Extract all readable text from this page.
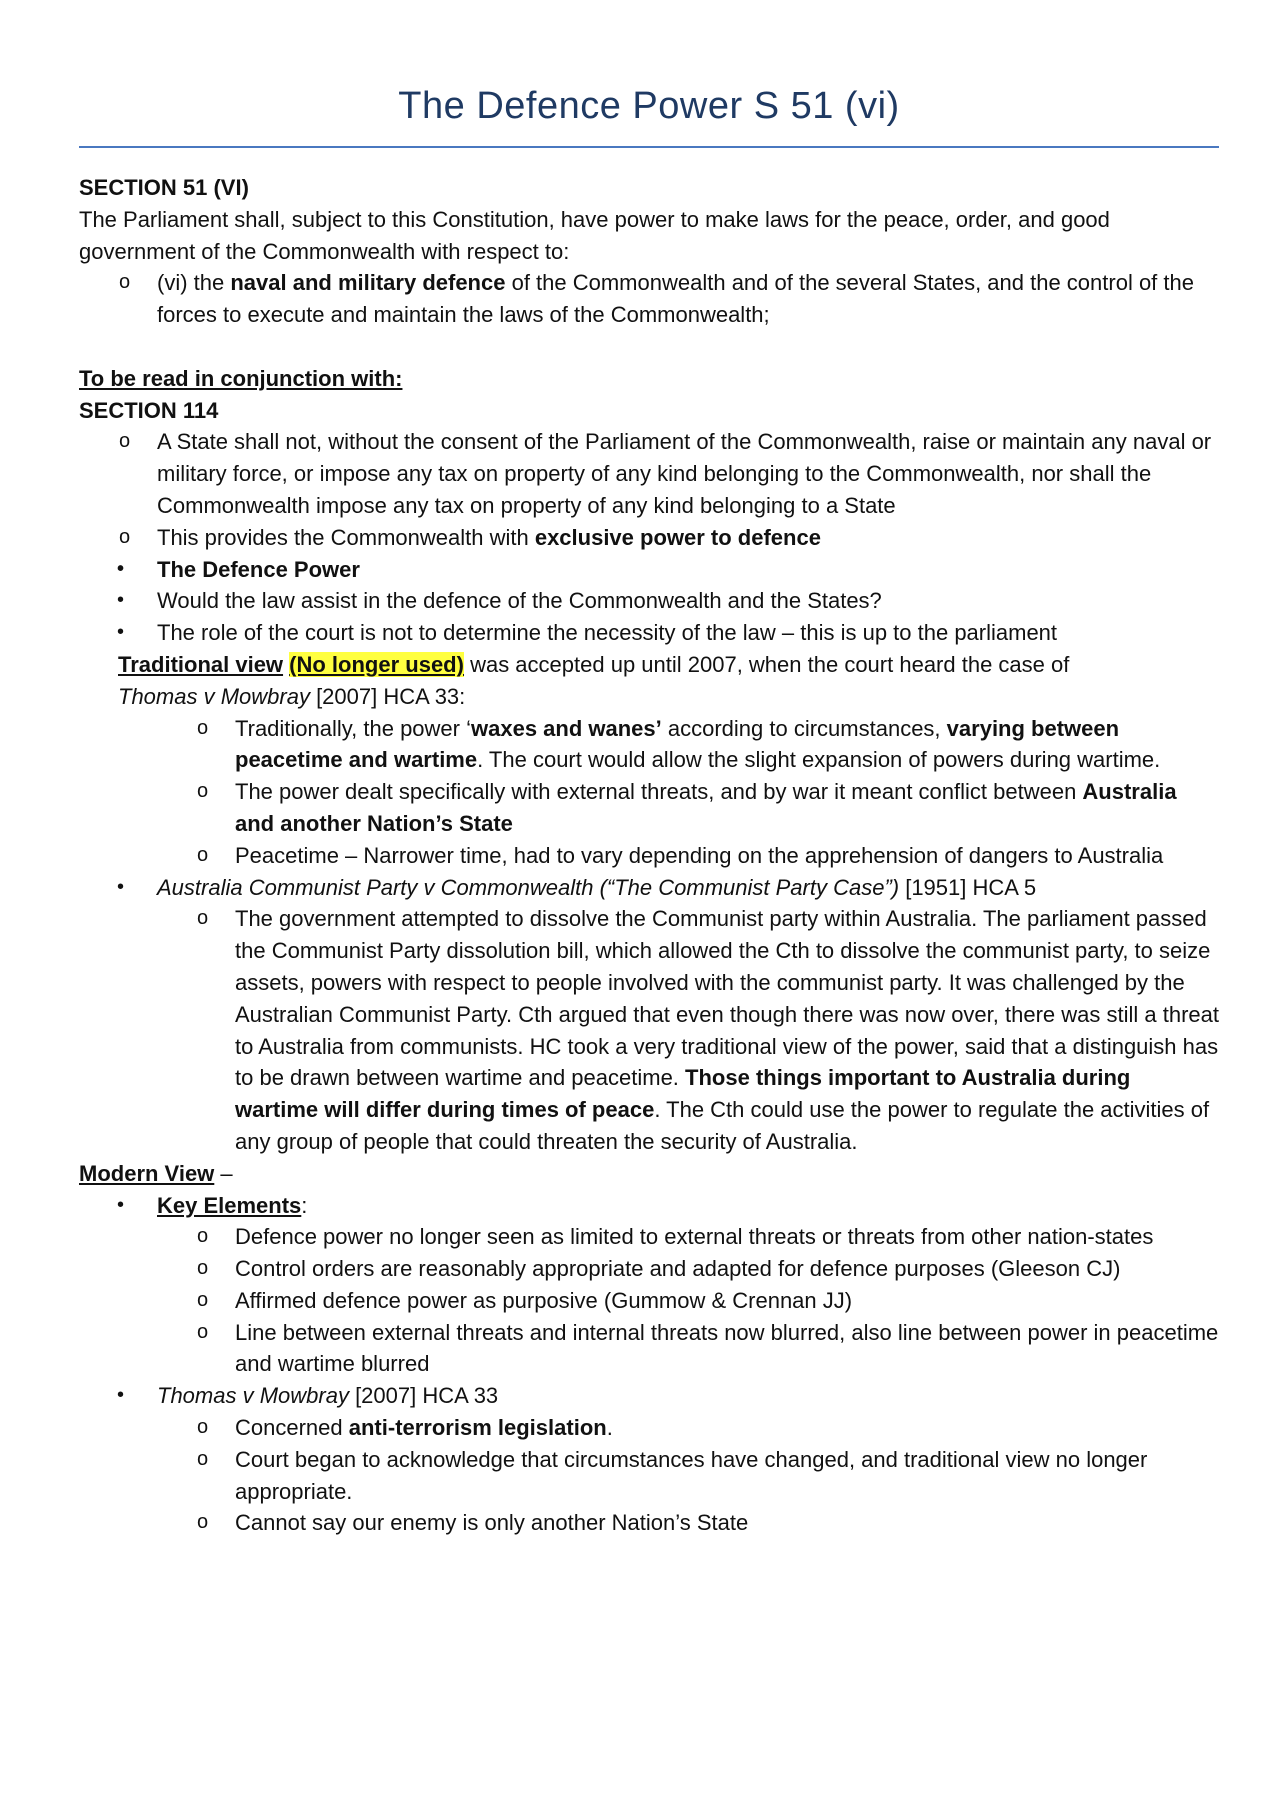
The Defence Power S 51 (vi)
SECTION 51 (VI)
The Parliament shall, subject to this Constitution, have power to make laws for the peace, order, and good government of the Commonwealth with respect to:
o (vi) the naval and military defence of the Commonwealth and of the several States, and the control of the forces to execute and maintain the laws of the Commonwealth;
To be read in conjunction with:
SECTION 114
o A State shall not, without the consent of the Parliament of the Commonwealth, raise or maintain any naval or military force, or impose any tax on property of any kind belonging to the Commonwealth, nor shall the Commonwealth impose any tax on property of any kind belonging to a State
o This provides the Commonwealth with exclusive power to defence
• The Defence Power
• Would the law assist in the defence of the Commonwealth and the States?
• The role of the court is not to determine the necessity of the law – this is up to the parliament
Traditional view (No longer used) was accepted up until 2007, when the court heard the case of
Thomas v Mowbray [2007] HCA 33:
o Traditionally, the power ‘waxes and wanes’ according to circumstances, varying between peacetime and wartime. The court would allow the slight expansion of powers during wartime.
o The power dealt specifically with external threats, and by war it meant conflict between Australia and another Nation’s State
o Peacetime – Narrower time, had to vary depending on the apprehension of dangers to Australia
• Australia Communist Party v Commonwealth (“The Communist Party Case”) [1951] HCA 5
o The government attempted to dissolve the Communist party within Australia. The parliament passed the Communist Party dissolution bill, which allowed the Cth to dissolve the communist party, to seize assets, powers with respect to people involved with the communist party. It was challenged by the Australian Communist Party. Cth argued that even though there was now over, there was still a threat to Australia from communists. HC took a very traditional view of the power, said that a distinguish has to be drawn between wartime and peacetime. Those things important to Australia during wartime will differ during times of peace. The Cth could use the power to regulate the activities of any group of people that could threaten the security of Australia.
Modern View –
• Key Elements:
o Defence power no longer seen as limited to external threats or threats from other nation-states
o Control orders are reasonably appropriate and adapted for defence purposes (Gleeson CJ)
o Affirmed defence power as purposive (Gummow & Crennan JJ)
o Line between external threats and internal threats now blurred, also line between power in peacetime and wartime blurred
• Thomas v Mowbray [2007] HCA 33
o Concerned anti-terrorism legislation.
o Court began to acknowledge that circumstances have changed, and traditional view no longer appropriate.
o Cannot say our enemy is only another Nation’s State
